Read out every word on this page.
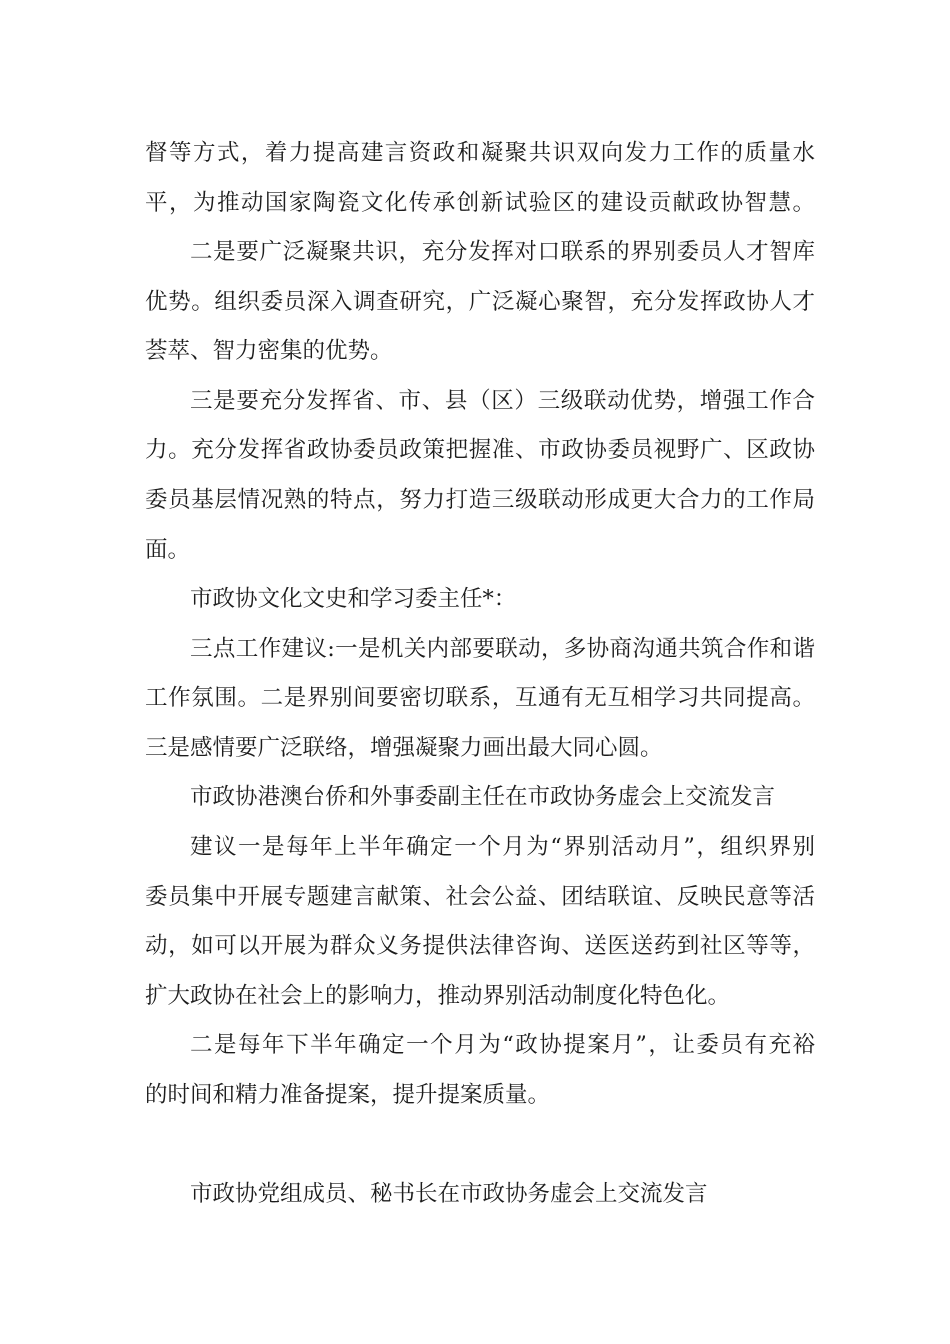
督等方式，着力提高建言资政和凝聚共识双向发力工作的质量水
平，为推动国家陶瓷文化传承创新试验区的建设贡献政协智慧。
二是要广泛凝聚共识，充分发挥对口联系的界别委员人才智库
优势。组织委员深入调查研究，广泛凝心聚智，充分发挥政协人才
荟萃、智力密集的优势。
三是要充分发挥省、市、县（区）三级联动优势，增强工作合
力。充分发挥省政协委员政策把握准、市政协委员视野广、区政协
委员基层情况熟的特点，努力打造三级联动形成更大合力的工作局
面。
市政协文化文史和学习委主任*：
三点工作建议:一是机关内部要联动，多协商沟通共筑合作和谐
工作氛围。二是界别间要密切联系，互通有无互相学习共同提高。
三是感情要广泛联络，增强凝聚力画出最大同心圆。
市政协港澳台侨和外事委副主任在市政协务虚会上交流发言
建议一是每年上半年确定一个月为“界别活动月”，组织界别
委员集中开展专题建言献策、社会公益、团结联谊、反映民意等活
动，如可以开展为群众义务提供法律咨询、送医送药到社区等等，
扩大政协在社会上的影响力，推动界别活动制度化特色化。
二是每年下半年确定一个月为“政协提案月”，让委员有充裕
的时间和精力准备提案，提升提案质量。
市政协党组成员、秘书长在市政协务虚会上交流发言
